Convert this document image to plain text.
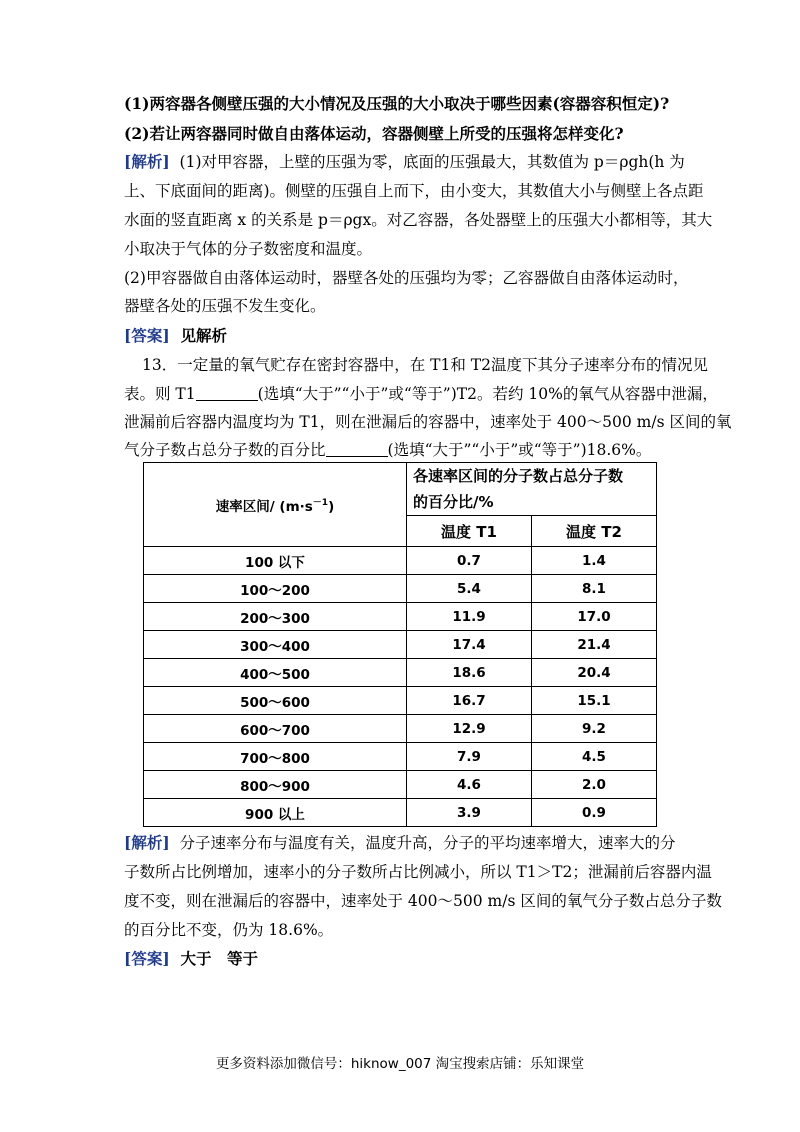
(1)两容器各侧壁压强的大小情况及压强的大小取决于哪些因素(容器容积恒定)?
(2)若让两容器同时做自由落体运动，容器侧壁上所受的压强将怎样变化?
[解析] (1)对甲容器，上壁的压强为零，底面的压强最大，其数值为 p＝ρgh(h 为
上、下底面间的距离)。侧壁的压强自上而下，由小变大，其数值大小与侧壁上各点距
水面的竖直距离 x 的关系是 p＝ρgx。对乙容器，各处器壁上的压强大小都相等，其大
小取决于气体的分子数密度和温度。
(2)甲容器做自由落体运动时，器壁各处的压强均为零；乙容器做自由落体运动时，
器壁各处的压强不发生变化。
[答案] 见解析
13．一定量的氧气贮存在密封容器中，在 T1和 T2温度下其分子速率分布的情况见
表。则 T1	(选填“大于”“小于”或“等于”)T2。若约 10%的氧气从容器中泄漏，
泄漏前后容器内温度均为 T1，则在泄漏后的容器中，速率处于 400～500 m/s 区间的氧
气分子数占总分子数的百分比	(选填“大于”“小于”或“等于”)18.6%。
速率区间/ $(m\cdot s^{-1})$	各速率区间的分子数占总分子数
的百分比/%	

	温度 T1	温度 T2
100 以下	0.7	1.4
100～200	5.4	8.1
200～300	11.9	17.0
300～400	17.4	21.4
400～500	18.6	20.4
500～600	16.7	15.1
600～700	12.9	9.2
700～800	7.9	4.5
800～900	4.6	2.0
900 以上	3.9	0.9
[解析] 分子速率分布与温度有关，温度升高，分子的平均速率增大，速率大的分
子数所占比例增加，速率小的分子数所占比例减小，所以 T1＞T2；泄漏前后容器内温
度不变，则在泄漏后的容器中，速率处于 400～500 m/s 区间的氧气分子数占总分子数
的百分比不变，仍为 18.6%。
[答案] 大于　等于
更多资料添加微信号：hiknow_007 淘宝搜索店铺：乐知课堂
